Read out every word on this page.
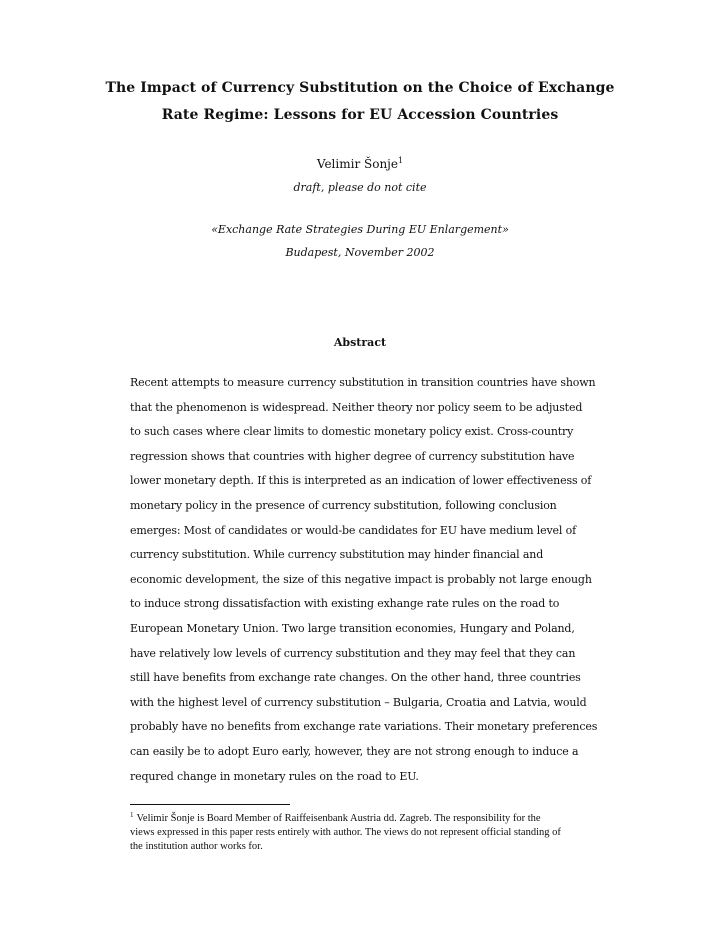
The Impact of Currency Substitution on the Choice of Exchange
Rate Regime: Lessons for EU Accession Countries
Velimir Šonje$^1$
draft, please do not cite
«Exchange Rate Strategies During EU Enlargement»
Budapest, November 2002
Abstract
Recent attempts to measure currency substitution in transition countries have shown
that the phenomenon is widespread. Neither theory nor policy seem to be adjusted
to such cases where clear limits to domestic monetary policy exist. Cross-country
regression shows that countries with higher degree of currency substitution have
lower monetary depth. If this is interpreted as an indication of lower effectiveness of
monetary policy in the presence of currency substitution, following conclusion
emerges: Most of candidates or would-be candidates for EU have medium level of
currency substitution. While currency substitution may hinder financial and
economic development, the size of this negative impact is probably not large enough
to induce strong dissatisfaction with existing exhange rate rules on the road to
European Monetary Union. Two large transition economies, Hungary and Poland,
have relatively low levels of currency substitution and they may feel that they can
still have benefits from exchange rate changes. On the other hand, three countries
with the highest level of currency substitution – Bulgaria, Croatia and Latvia, would
probably have no benefits from exchange rate variations. Their monetary preferences
can easily be to adopt Euro early, however, they are not strong enough to induce a
requred change in monetary rules on the road to EU.
$^1$ Velimir Šonje is Board Member of Raiffeisenbank Austria dd. Zagreb. The responsibility for the
views expressed in this paper rests entirely with author. The views do not represent official standing of
the institution author works for.
